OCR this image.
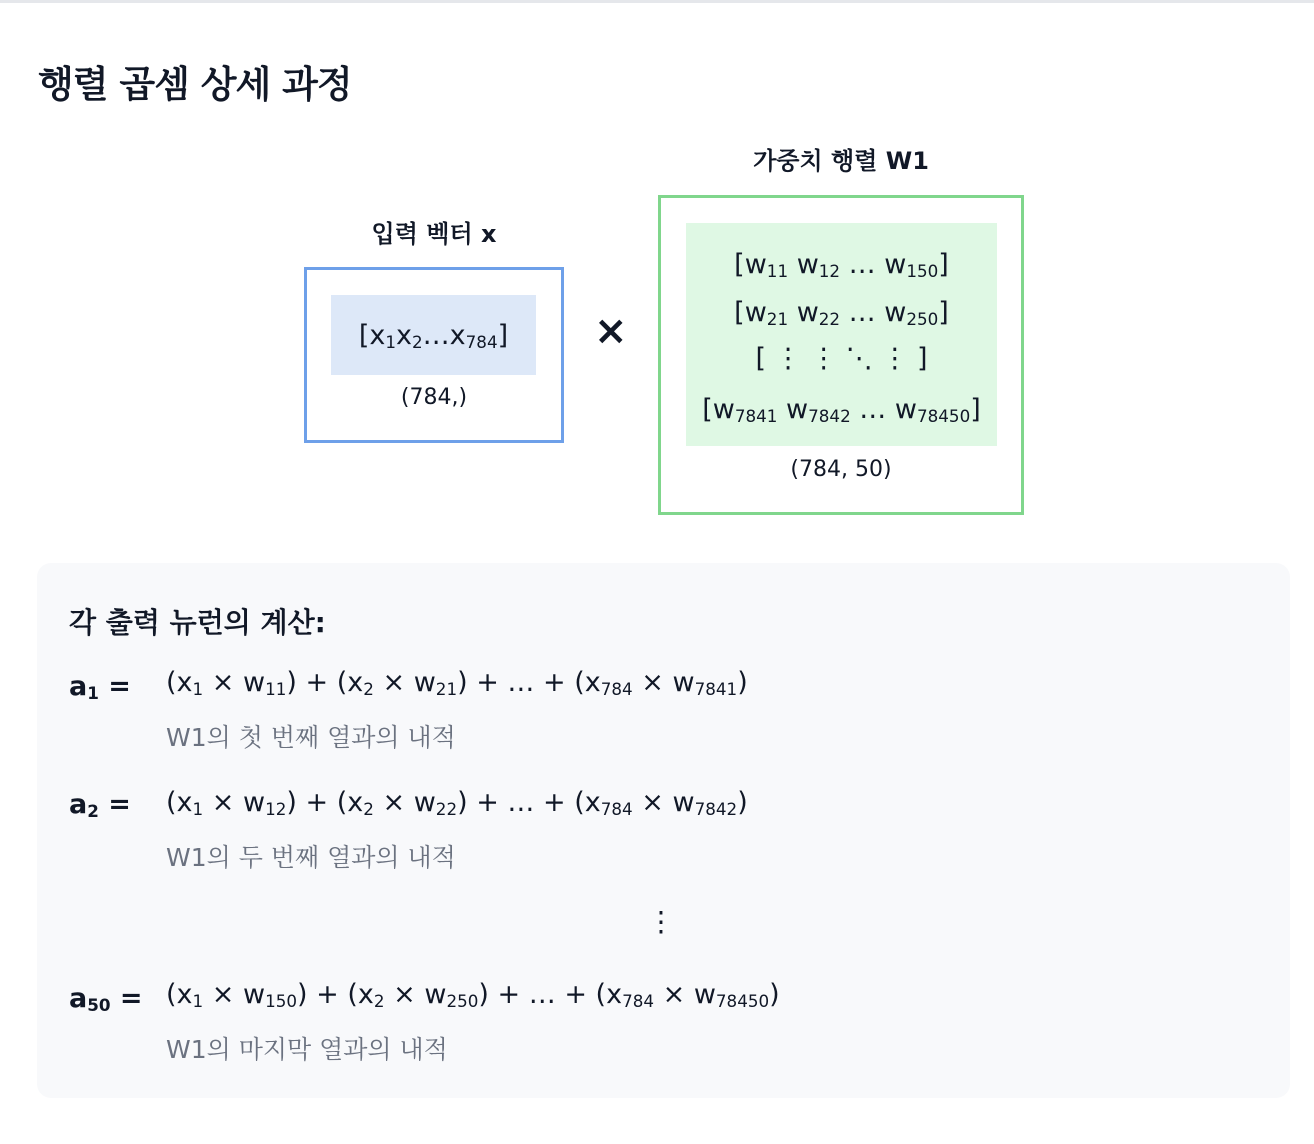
행렬 곱셈 상세 과정
입력 벡터 x
[ $x_1$ $x_2$ … $x_{784}$ ]
(784,)
×
가중치 행렬 W1
[$w_{11}$ $w_{12}$ … $w_{150}$]
[$w_{21}$ $w_{22}$ … $w_{250}$]
[ ⋮ ⋮ ⋱ ⋮ ]
[$w_{7841}$ $w_{7842}$ … $w_{78450}$]
(784, 50)
각 출력 뉴런의 계산:
$a_1 = (x_1 \times w_{11}) + (x_2 \times w_{21})$ + … + $(x_{784} \times w_{7841})$
W1의 첫 번째 열과의 내적
$a_2 = (x_1 \times w_{12}) + (x_2 \times w_{22})$ + … + $(x_{784} \times w_{7842})$
W1의 두 번째 열과의 내적
⋮
$a_{50} = (x_1 \times w_{150}) + (x_2 \times w_{250})$ + … + $(x_{784} \times w_{78450})$
W1의 마지막 열과의 내적
